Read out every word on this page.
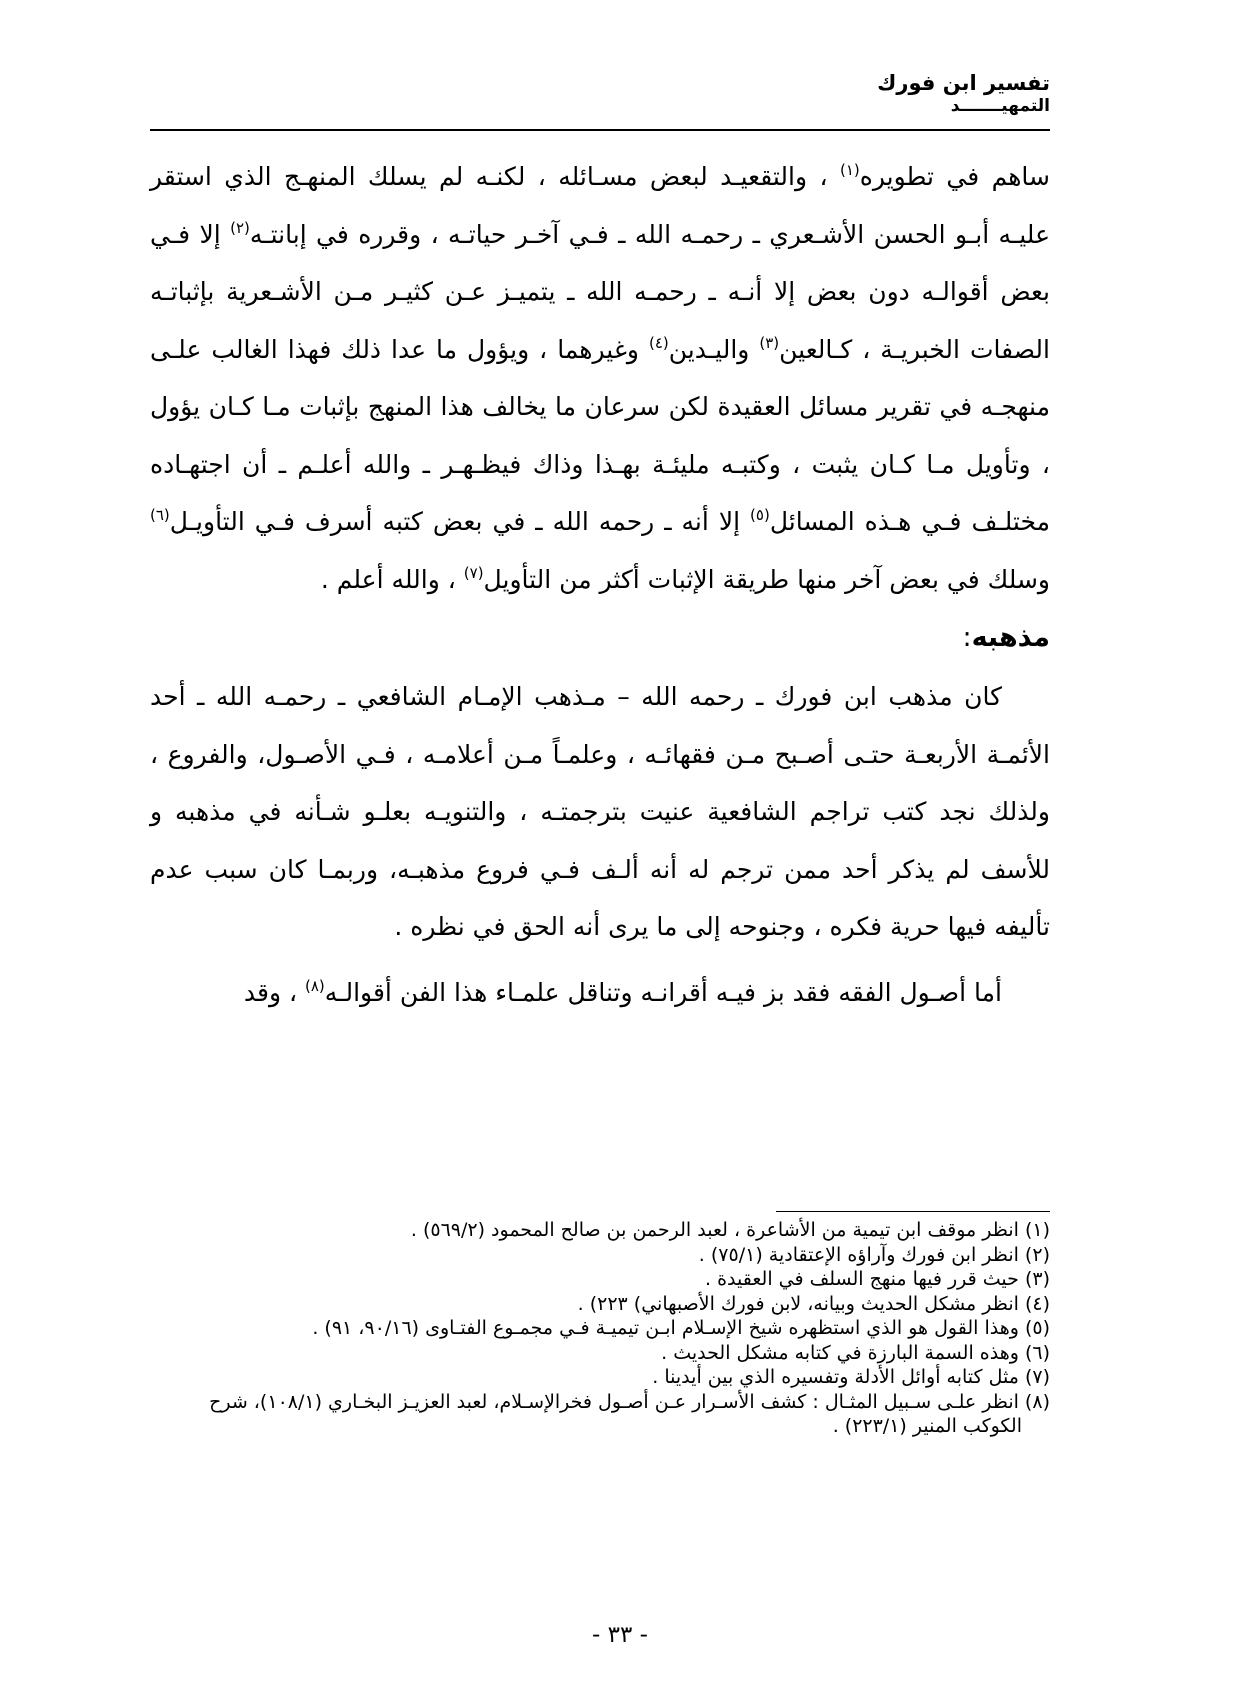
تفسير ابن فورك
التمهيـــــــد

ساهم في تطويره$^{(١)}$ ، والتقعيـد لبعض مسـائله ، لكنـه لم يسلك المنهـج الذي استقر عليـه أبـو الحسن الأشـعري ـ رحمـه الله ـ فـي آخـر حياتـه ، وقرره في إبانتـه$^{(٢)}$ إلا فـي بعض أقوالـه دون بعض إلا أنـه ـ رحمـه الله ـ يتميـز عـن كثيـر مـن الأشـعرية بإثباتـه الصفات الخبريـة ، كـالعين$^{(٣)}$ واليـدين$^{(٤)}$ وغيرهما ، ويؤول ما عدا ذلك فهذا الغالب علـى منهجـه في تقرير مسائل العقيدة لكن سرعان ما يخالف هذا المنهج بإثبات مـا كـان يؤول ، وتأويل مـا كـان يثبت ، وكتبـه مليئـة بهـذا وذاك فيظـهـر ـ والله أعلـم ـ أن اجتهـاده مختلـف فـي هـذه المسائل$^{(٥)}$ إلا أنه ـ رحمه الله ـ في بعض كتبه أسرف فـي التأويـل$^{(٦)}$ وسلك في بعض آخر منها طريقة الإثبات أكثر من التأويل$^{(٧)}$ ، والله أعلم .

مذهبه:

كان مذهب ابن فورك ـ رحمه الله – مـذهب الإمـام الشافعي ـ رحمـه الله ـ أحد الأئمـة الأربعـة حتـى أصـبح مـن فقهائـه ، وعلمـاً مـن أعلامـه ، فـي الأصـول، والفروع ، ولذلك نجد كتب تراجم الشافعية عنيت بترجمتـه ، والتنويـه بعلـو شـأنه في مذهبه و للأسف لم يذكر أحد ممن ترجم له أنه ألـف فـي فروع مذهبـه، وربمـا كان سبب عدم تأليفه فيها حرية فكره ، وجنوحه إلى ما يرى أنه الحق في نظره .

أما أصـول الفقه فقد بز فيـه أقرانـه وتناقل علمـاء هذا الفن أقوالـه$^{(٨)}$ ، وقد

(١) انظر موقف ابن تيمية من الأشاعرة ، لعبد الرحمن بن صالح المحمود (٥٦٩/٢) .

(٢) انظر ابن فورك وآراؤه الإعتقادية (٧٥/١) .

(٣) حيث قرر فيها منهج السلف في العقيدة .

(٤) انظر مشكل الحديث وبيانه، لابن فورك الأصبهاني) ٢٢٣) .

(٥) وهذا القول هو الذي استظهره شيخ الإسـلام ابـن تيميـة فـي مجمـوع الفتـاوى (٩٠/١٦، ٩١) .

(٦) وهذه السمة البارزة في كتابه مشكل الحديث .

(٧) مثل كتابه أوائل الأدلة وتفسيره الذي بين أيدينا .

(٨) انظر علـى سـبيل المثـال : كشف الأسـرار عـن أصـول فخرالإسـلام، لعبد العزيـز البخـاري (١٠٨/١)، شرح الكوكب المنير (٢٢٣/١) .

- ٣٣ -
